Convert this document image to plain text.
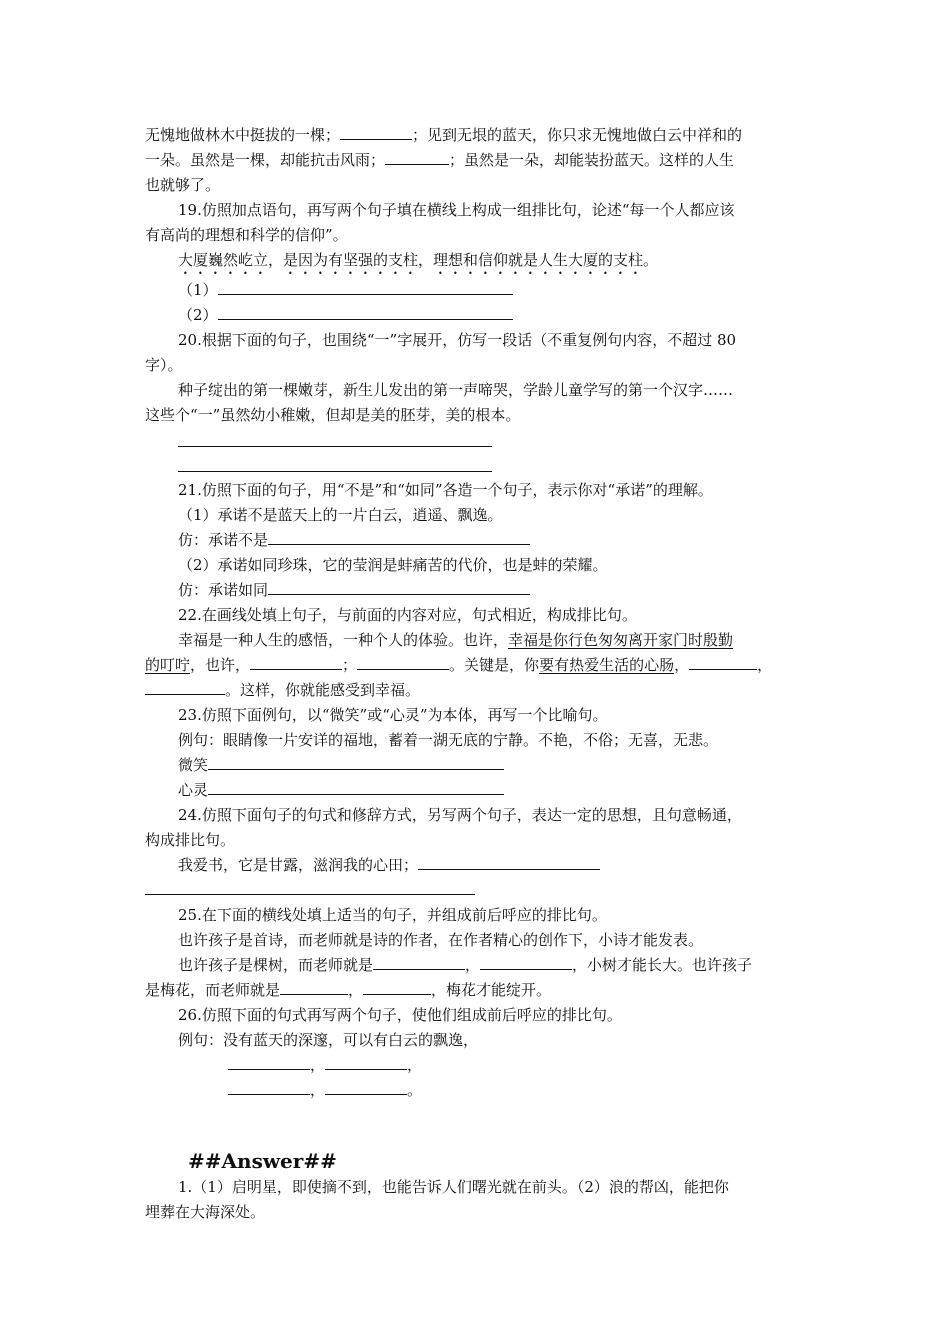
无愧地做林木中挺拔的一棵；	；见到无垠的蓝天，你只求无愧地做白云中祥和的

一朵。虽然是一棵，却能抗击风雨；	；虽然是一朵，却能装扮蓝天。这样的人生

也就够了。

19.仿照加点语句，再写两个句子填在横线上构成一组排比句，论述“每一个人都应该

有高尚的理想和科学的信仰”。

大厦巍然屹立，是因为有坚强的支柱，理想和信仰就是人生大厦的支柱。

（1）

（2）

20.根据下面的句子，也围绕“一”字展开，仿写一段话（不重复例句内容，不超过 80

字）。

种子绽出的第一棵嫩芽，新生儿发出的第一声啼哭，学龄儿童学写的第一个汉字……

这些个“一”虽然幼小稚嫩，但却是美的胚芽，美的根本。

21.仿照下面的句子，用“不是”和“如同”各造一个句子，表示你对“承诺”的理解。

（1）承诺不是蓝天上的一片白云，逍遥、飘逸。

仿：承诺不是

（2）承诺如同珍珠，它的莹润是蚌痛苦的代价，也是蚌的荣耀。

仿：承诺如同

22.在画线处填上句子，与前面的内容对应，句式相近，构成排比句。

幸福是一种人生的感悟，一种个人的体验。也许，幸福是你行色匆匆离开家门时殷勤

的叮咛，也许，	；	。关键是，你要有热爱生活的心肠，	，

。这样，你就能感受到幸福。

23.仿照下面例句，以“微笑”或“心灵”为本体，再写一个比喻句。

例句：眼睛像一片安详的福地，蓄着一湖无底的宁静。不艳，不俗；无喜，无悲。

微笑

心灵

24.仿照下面句子的句式和修辞方式，另写两个句子，表达一定的思想，且句意畅通，

构成排比句。

我爱书，它是甘露，滋润我的心田；

25.在下面的横线处填上适当的句子，并组成前后呼应的排比句。

也许孩子是首诗，而老师就是诗的作者，在作者精心的创作下，小诗才能发表。

也许孩子是棵树，而老师就是	，	，小树才能长大。也许孩子

是梅花，而老师就是	，	，梅花才能绽开。

26.仿照下面的句式再写两个句子，使他们组成前后呼应的排比句。

例句：没有蓝天的深邃，可以有白云的飘逸，

，	，

，	。

##Answer##

1.（1）启明星，即使摘不到，也能告诉人们曙光就在前头。（2）浪的帮凶，能把你

埋葬在大海深处。
